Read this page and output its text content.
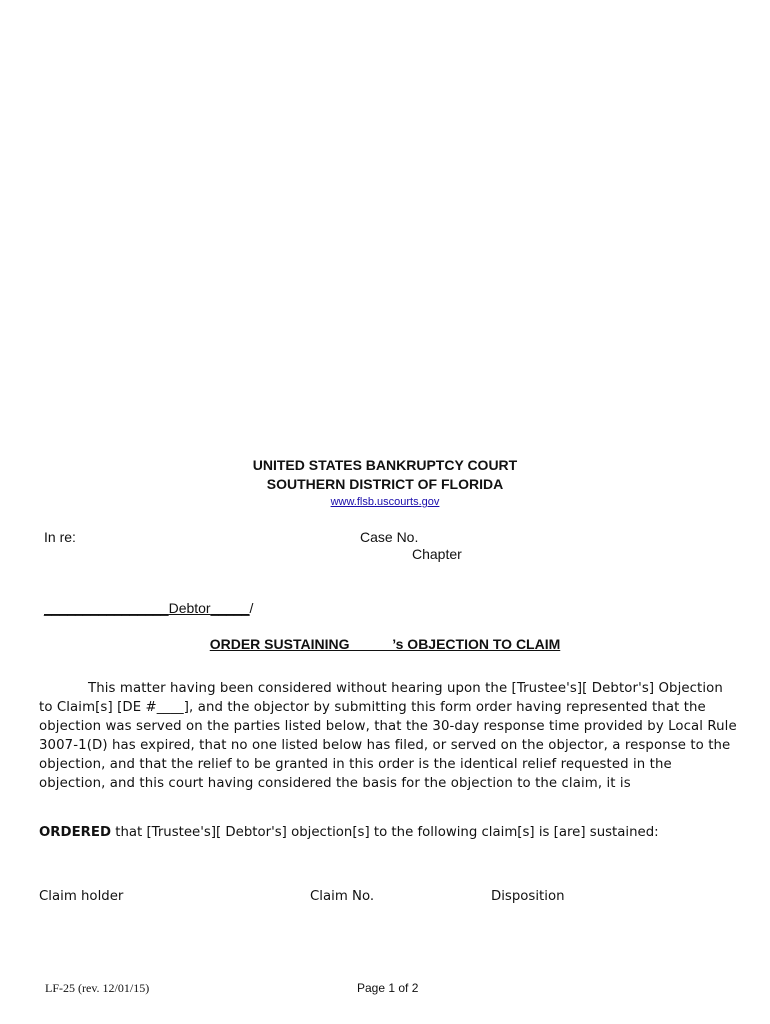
UNITED STATES BANKRUPTCY COURT
SOUTHERN DISTRICT OF FLORIDA
www.flsb.uscourts.gov
In re:	Case No.
Chapter
________________Debtor_____/
ORDER SUSTAINING           ’s OBJECTION TO CLAIM
This matter having been considered without hearing upon the [Trustee's][ Debtor's] Objection to Claim[s] [DE #____], and the objector by submitting this form order having represented that the objection was served on the parties listed below, that the 30-day response time provided by Local Rule 3007-1(D) has expired, that no one listed below has filed, or served on the objector, a response to the objection, and that the relief to be granted in this order is the identical relief requested in the objection, and this court having considered the basis for the objection to the claim, it is
ORDERED that [Trustee's][ Debtor's] objection[s] to the following claim[s] is [are] sustained:
Claim holder	Claim No.	Disposition
LF-25 (rev. 12/01/15)	Page 1 of 2
